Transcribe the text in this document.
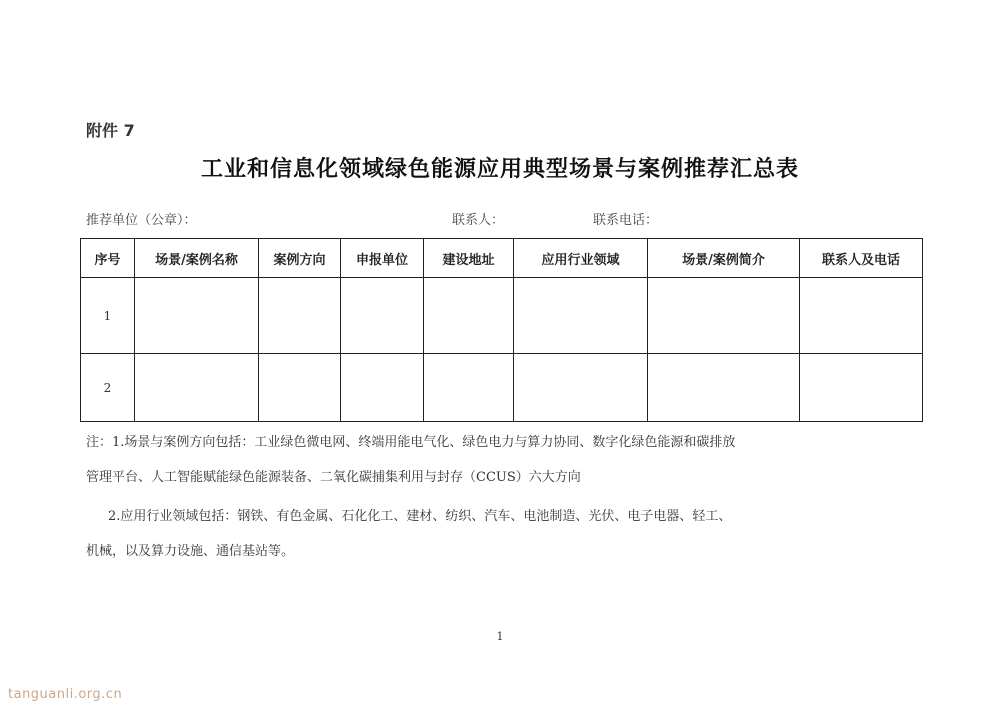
附件 7
工业和信息化领域绿色能源应用典型场景与案例推荐汇总表
推荐单位（公章）：	联系人：	联系电话：
序号	场景/案例名称	案例方向	申报单位	建设地址	应用行业领域	场景/案例简介	联系人及电话
1							
2							
注：1.场景与案例方向包括：工业绿色微电网、终端用能电气化、绿色电力与算力协同、数字化绿色能源和碳排放
管理平台、人工智能赋能绿色能源装备、二氧化碳捕集利用与封存（CCUS）六大方向
2.应用行业领域包括：钢铁、有色金属、石化化工、建材、纺织、汽车、电池制造、光伏、电子电器、轻工、
机械，以及算力设施、通信基站等。
1
tanguanli.org.cn
